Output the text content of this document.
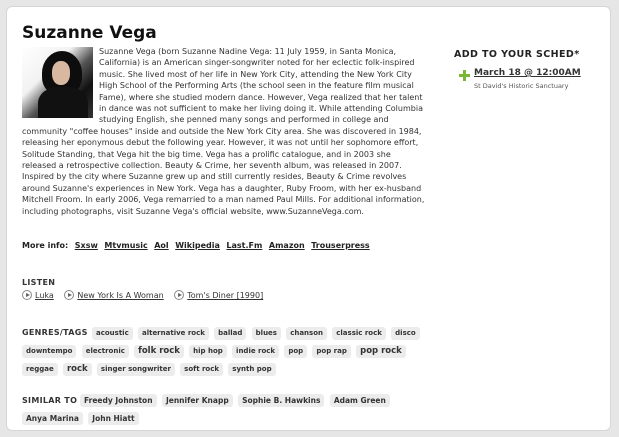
Suzanne Vega
Suzanne Vega (born Suzanne Nadine Vega: 11 July 1959, in Santa Monica, California) is an American singer-songwriter noted for her eclectic folk-inspired music. She lived most of her life in New York City, attending the New York City High School of the Performing Arts (the school seen in the feature film musical Fame), where she studied modern dance. However, Vega realized that her talent in dance was not sufficient to make her living doing it. While attending Columbia studying English, she penned many songs and performed in college and community "coffee houses" inside and outside the New York City area. She was discovered in 1984, releasing her eponymous debut the following year. However, it was not until her sophomore effort, Solitude Standing, that Vega hit the big time. Vega has a prolific catalogue, and in 2003 she released a retrospective collection. Beauty & Crime, her seventh album, was released in 2007. Inspired by the city where Suzanne grew up and still currently resides, Beauty & Crime revolves around Suzanne's experiences in New York. Vega has a daughter, Ruby Froom, with her ex-husband Mitchell Froom. In early 2006, Vega remarried to a man named Paul Mills. For additional information, including photographs, visit Suzanne Vega's official website, www.SuzanneVega.com.
More info: Sxsw Mtvmusic Aol Wikipedia Last.Fm Amazon Trouserpress
LISTEN
Luka	New York Is A Woman	Tom's Diner [1990]
GENRES/TAGS	acoustic alternative rock ballad blues chanson classic rock disco downtempo electronic folk rock hip hop indie rock pop pop rap pop rock reggae rock singer songwriter soft rock synth pop
SIMILAR TO Freedy Johnston Jennifer Knapp Sophie B. Hawkins Adam Green Anya Marina John Hiatt
ADD TO YOUR SCHED*
March 18 @ 12:00AM
St David's Historic Sanctuary
